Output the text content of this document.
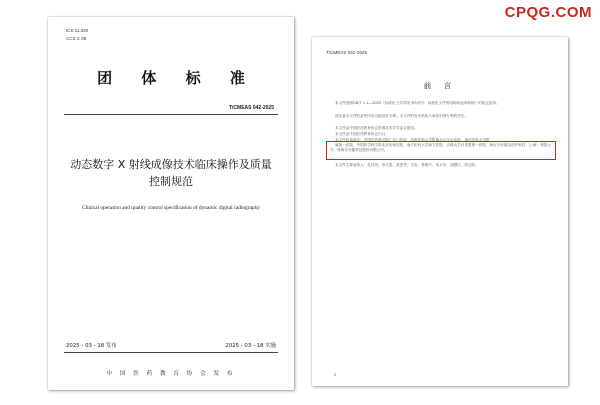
CPQG.COM
ICS 11.020
CCS C 05
团 体 标 准
T/CMEAS 042-2025
动态数字 X 射线成像技术临床操作及质量
控制规范
Clinical operation and quality control specification of dynamic digital radiography
2025 - 03 - 18 发布	2025 - 03 - 18 实施
中 国 医 药 教 育 协 会 发 布
T/CMEAS 042-2025
前 言
本文件按照GB/T 1.1—2020《标准化工作导则 第1部分：标准化文件的结构和起草规则》的规定起草。
请注意本文件的某些内容可能涉及专利。本文件的发布机构不承担识别专利的责任。
本文件由中国医药教育协会影像技术学专委会提出。
本文件由中国医药教育协会归口。
本文件起草单位：中国中医科学院广安门医院、首都医科大学附属北京安贞医院、重庆医科大学附
属第一医院、中国医学科学院北京协和医院、南方医科大学南方医院、吉林大学白求恩第一医院、柯尼卡美能达医疗科技（上海）有限公司、珠海市安健科技股份有限公司。
本文件主要起草人：孔祥闯、李文富、张思华、王岩、蔡明兴、朱万安、胡慧江、郭佳欣。
II
